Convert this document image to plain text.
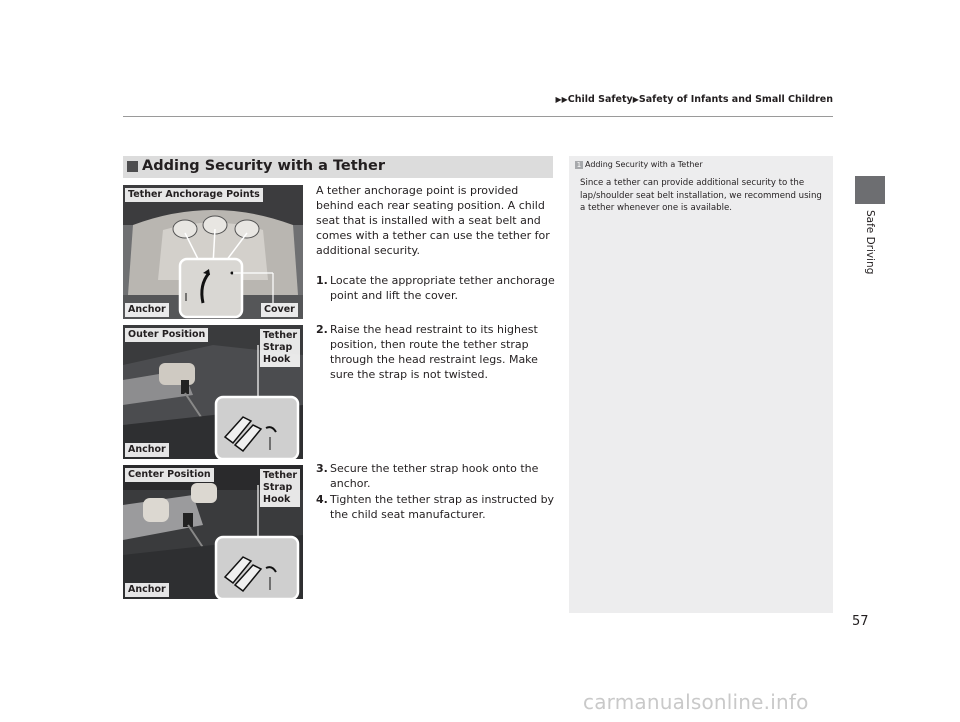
▶▶Child Safety▶Safety of Infants and Small Children
Safe Driving
Adding Security with a Tether
Tether Anchorage Points
Anchor	Cover
Outer Position	Tether
Strap
Hook
Anchor
Center Position	Tether
Strap
Hook
Anchor
A tether anchorage point is provided behind each rear seating position. A child seat that is installed with a seat belt and comes with a tether can use the tether for additional security.
1. Locate the appropriate tether anchorage point and lift the cover.
2. Raise the head restraint to its highest position, then route the tether strap through the head restraint legs. Make sure the strap is not twisted.
3. Secure the tether strap hook onto the anchor.
4. Tighten the tether strap as instructed by the child seat manufacturer.
1 Adding Security with a Tether
Since a tether can provide additional security to the lap/shoulder seat belt installation, we recommend using a tether whenever one is available.
57
carmanualsonline.info
